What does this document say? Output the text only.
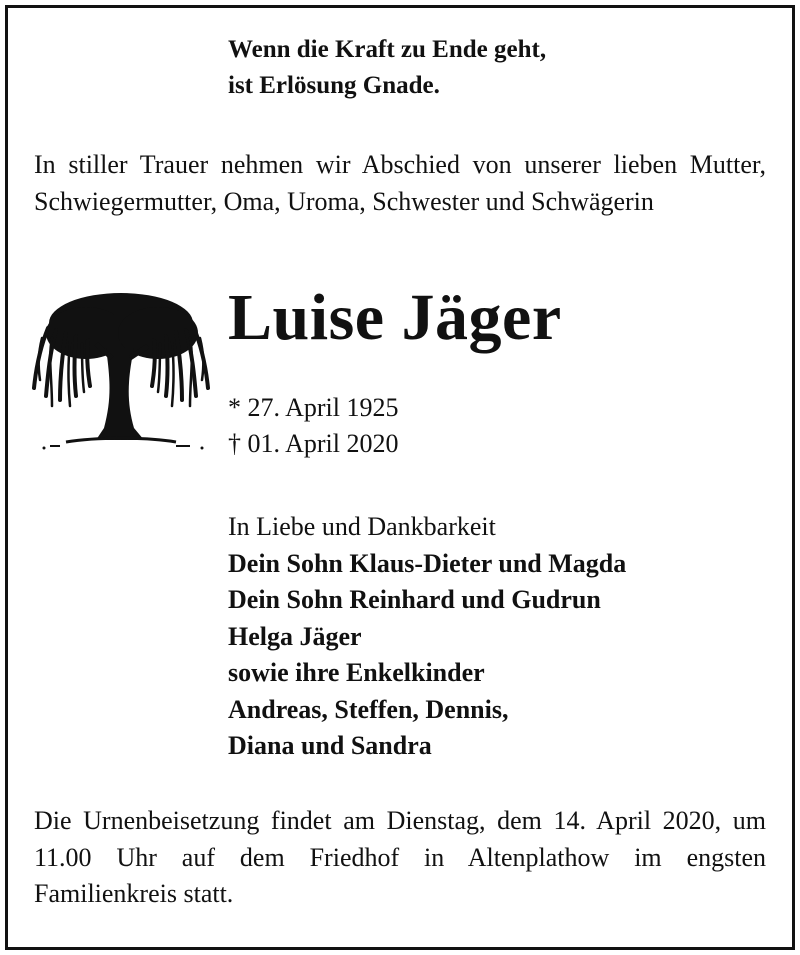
Wenn die Kraft zu Ende geht,
ist Erlösung Gnade.
In stiller Trauer nehmen wir Abschied von unserer lieben Mutter, Schwiegermutter, Oma, Uroma, Schwester und Schwägerin
Luise Jäger
* 27. April 1925
† 01. April 2020
In Liebe und Dankbarkeit
Dein Sohn Klaus-Dieter und Magda
Dein Sohn Reinhard und Gudrun
Helga Jäger
sowie ihre Enkelkinder
Andreas, Steffen, Dennis,
Diana und Sandra
Die Urnenbeisetzung findet am Dienstag, dem 14. April 2020, um 11.00 Uhr auf dem Friedhof in Altenplathow im engsten Familienkreis statt.
